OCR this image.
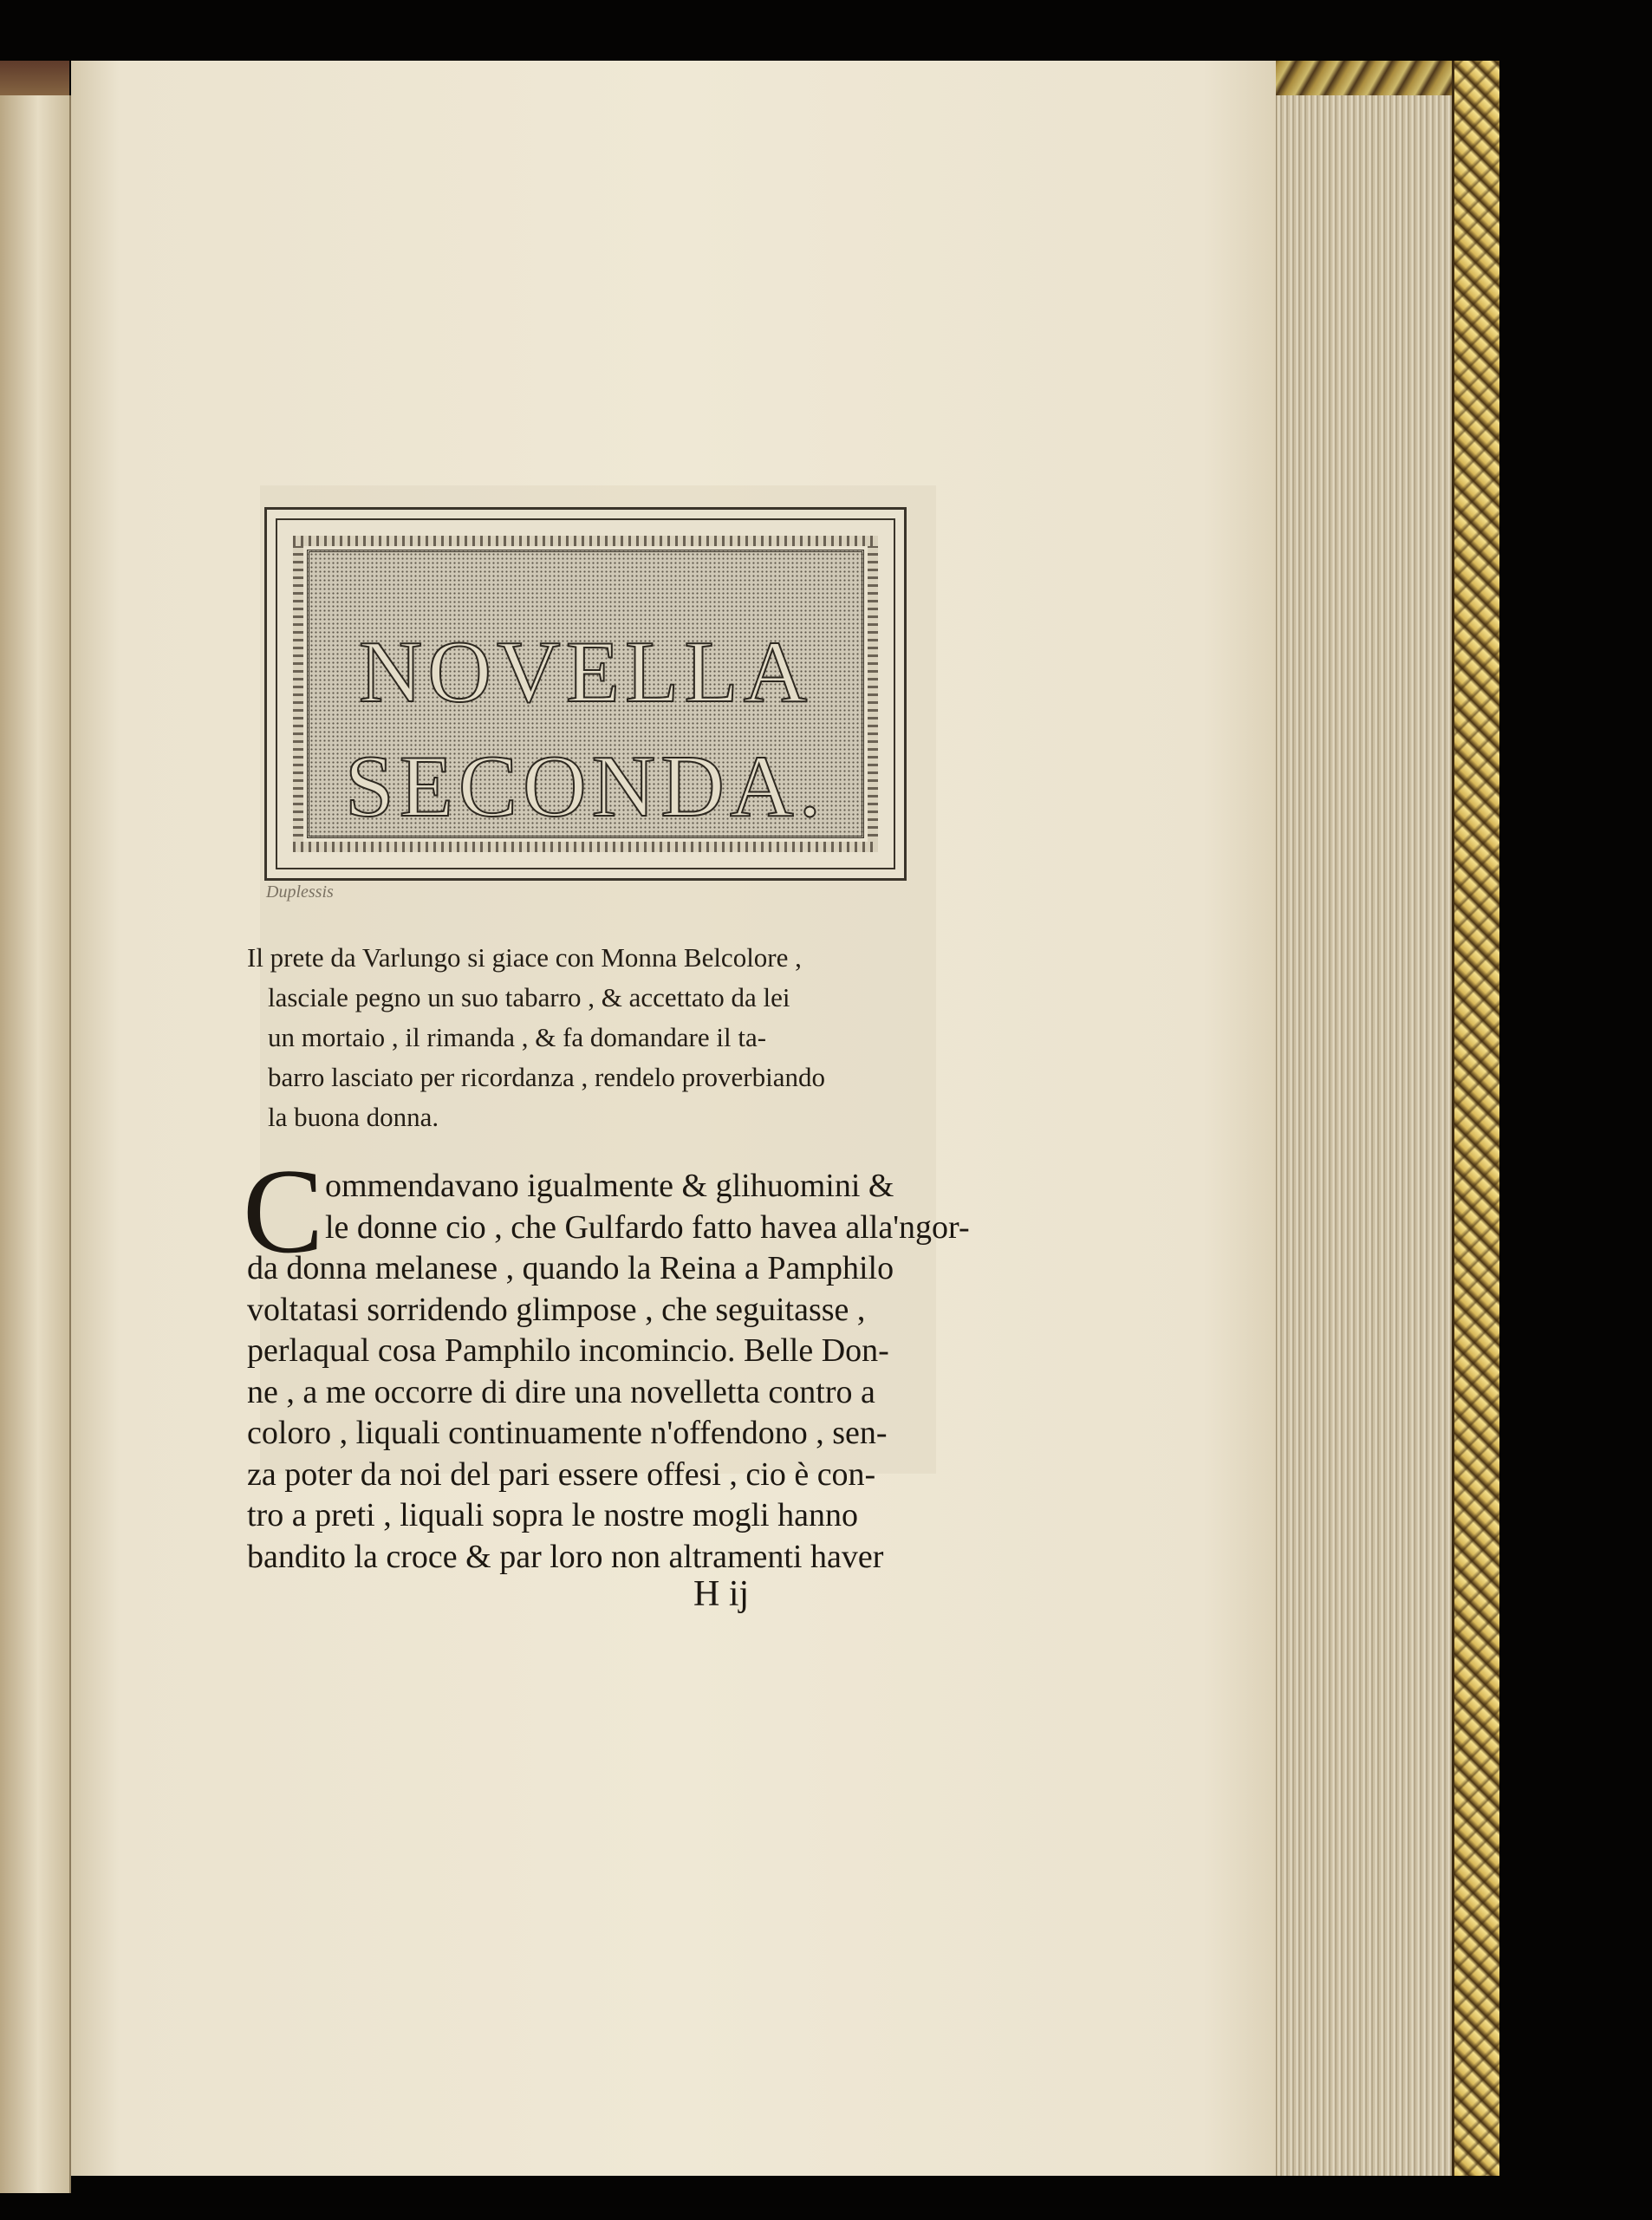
NOVELLA
SECONDA.
Duplessis
Il prete da Varlungo si giace con Monna Belcolore ,
lasciale pegno un suo tabarro , & accettato da lei
un mortaio , il rimanda , & fa domandare il ta-
barro lasciato per ricordanza , rendelo proverbiando
la buona donna.
C ommendavano igualmente & glihuomini &
le donne cio , che Gulfardo fatto havea alla'ngor-
da donna melanese , quando la Reina a Pamphilo
voltatasi sorridendo glimpose , che seguitasse ,
perlaqual cosa Pamphilo incomincio. Belle Don-
ne , a me occorre di dire una novelletta contro a
coloro , liquali continuamente n'offendono , sen-
za poter da noi del pari essere offesi , cio è con-
tro a preti , liquali sopra le nostre mogli hanno
bandito la croce & par loro non altramenti haver
H ij
